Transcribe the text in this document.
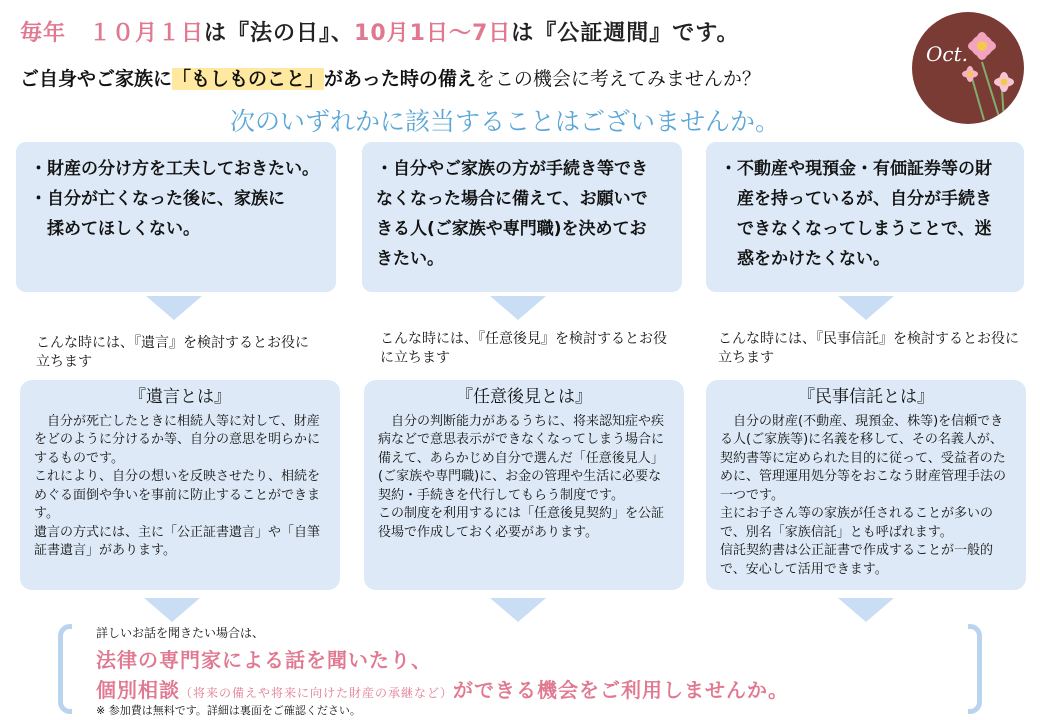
毎年　１０月１日は『法の日』、10月1日～7日は『公証週間』です。
ご自身やご家族に「もしものこと」があった時の備えをこの機会に考えてみませんか？
次のいずれかに該当することはございませんか。
Oct.

・財産の分け方を工夫しておきたい。

・自分が亡くなった後に、家族に

　揉めてほしくない。

こんな時には、『遺言』を検討するとお役に立ちます
『遺言とは』
自分が死亡したときに相続人等に対して、財産をどのように分けるか等、自分の意思を明らかにするものです。
これにより、自分の想いを反映させたり、相続をめぐる面倒や争いを事前に防止することができます。
遺言の方式には、主に「公正証書遺言」や「自筆証書遺言」があります。

・自分やご家族の方が手続き等でき

なくなった場合に備えて、お願いで

きる人(ご家族や専門職)を決めてお

きたい。

こんな時には、『任意後見』を検討するとお役に立ちます
『任意後見とは』
自分の判断能力があるうちに、将来認知症や疾病などで意思表示ができなくなってしまう場合に備えて、あらかじめ自分で選んだ「任意後見人」(ご家族や専門職)に、お金の管理や生活に必要な契約・手続きを代行してもらう制度です。
この制度を利用するには「任意後見契約」を公証役場で作成しておく必要があります。

・不動産や現預金・有価証券等の財

　産を持っているが、自分が手続き

　できなくなってしまうことで、迷

　惑をかけたくない。

こんな時には、『民事信託』を検討するとお役に立ちます
『民事信託とは』
自分の財産(不動産、現預金、株等)を信頼できる人(ご家族等)に名義を移して、その名義人が、契約書等に定められた目的に従って、受益者のために、管理運用処分等をおこなう財産管理手法の一つです。
主にお子さん等の家族が任されることが多いので、別名「家族信託」とも呼ばれます。
信託契約書は公正証書で作成することが一般的で、安心して活用できます。
詳しいお話を聞きたい場合は、
法律の専門家による話を聞いたり、
個別相談（将来の備えや将来に向けた財産の承継など）ができる機会をご利用しませんか。
※ 参加費は無料です。詳細は裏面をご確認ください。
